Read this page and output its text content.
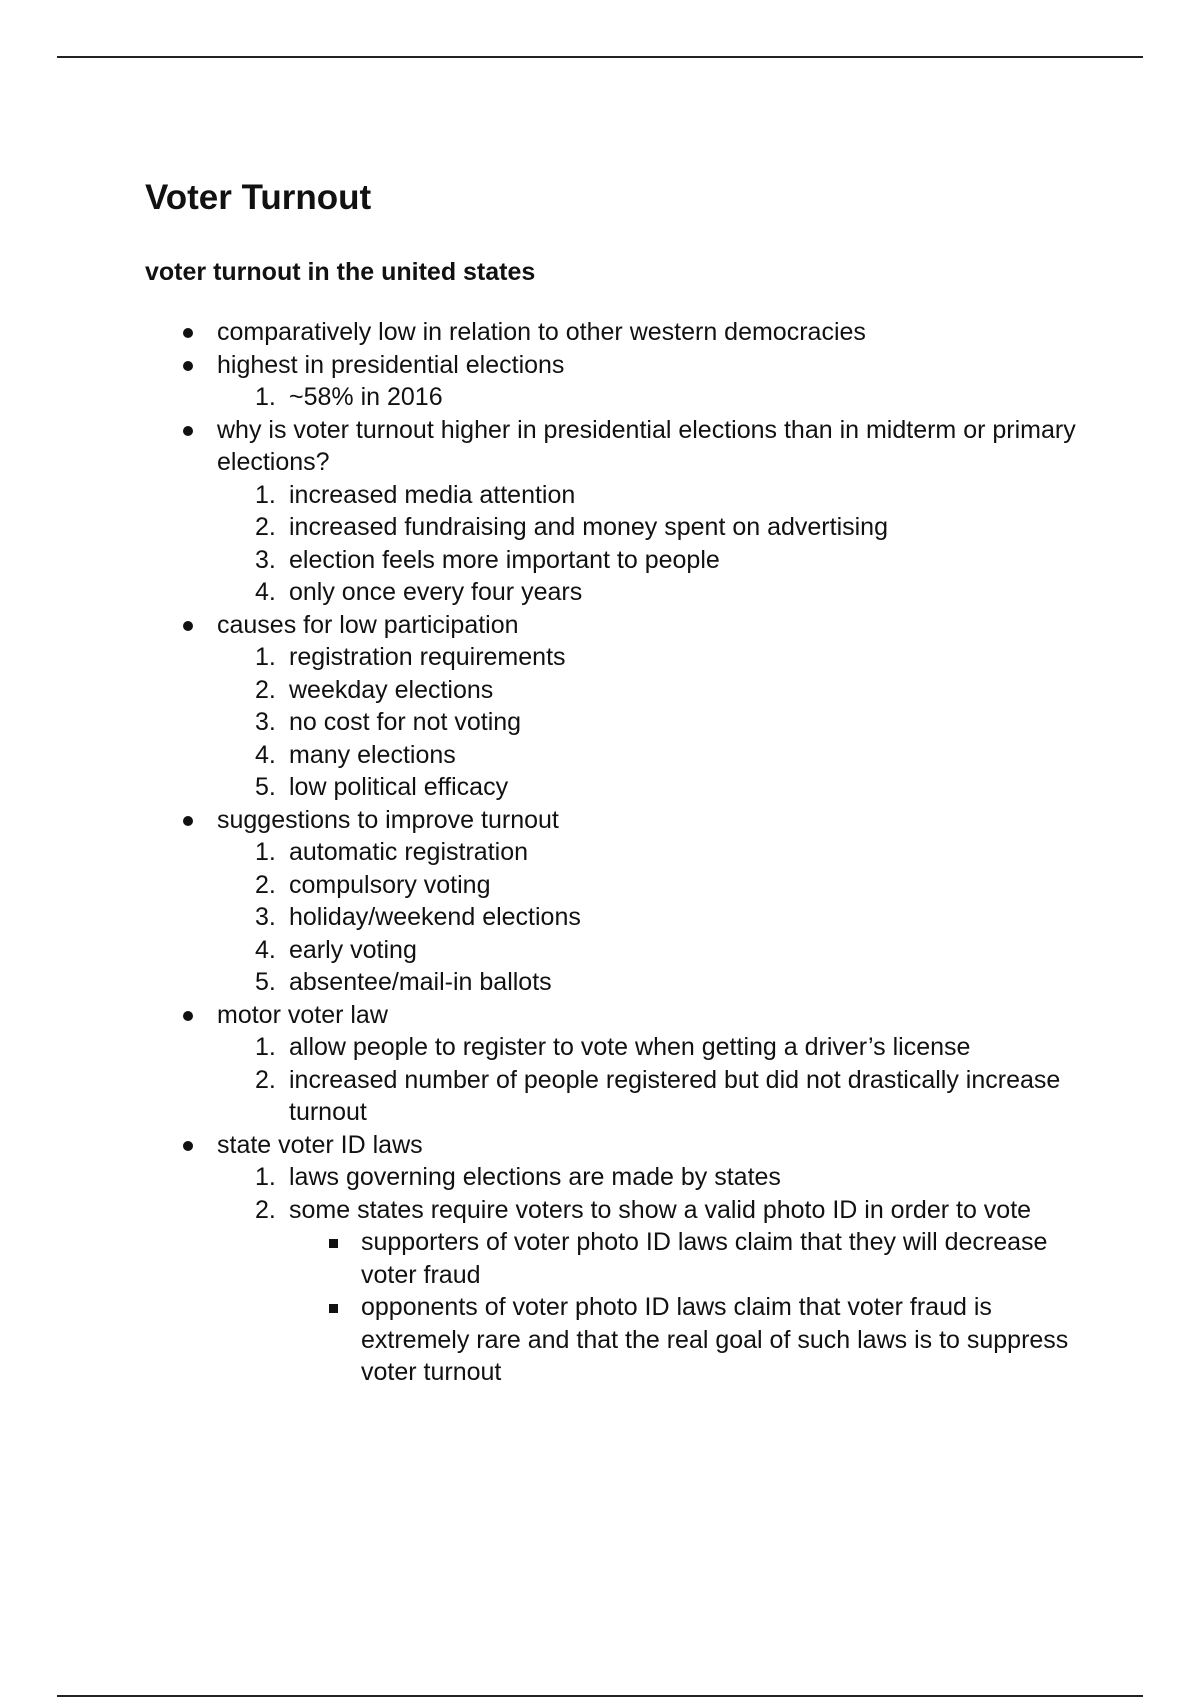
Voter Turnout
voter turnout in the united states
comparatively low in relation to other western democracies
highest in presidential elections
1. ~58% in 2016
why is voter turnout higher in presidential elections than in midterm or primary elections?
1. increased media attention
2. increased fundraising and money spent on advertising
3. election feels more important to people
4. only once every four years
causes for low participation
1. registration requirements
2. weekday elections
3. no cost for not voting
4. many elections
5. low political efficacy
suggestions to improve turnout
1. automatic registration
2. compulsory voting
3. holiday/weekend elections
4. early voting
5. absentee/mail-in ballots
motor voter law
1. allow people to register to vote when getting a driver’s license
2. increased number of people registered but did not drastically increase turnout
state voter ID laws
1. laws governing elections are made by states
2. some states require voters to show a valid photo ID in order to vote
supporters of voter photo ID laws claim that they will decrease voter fraud
opponents of voter photo ID laws claim that voter fraud is extremely rare and that the real goal of such laws is to suppress voter turnout
